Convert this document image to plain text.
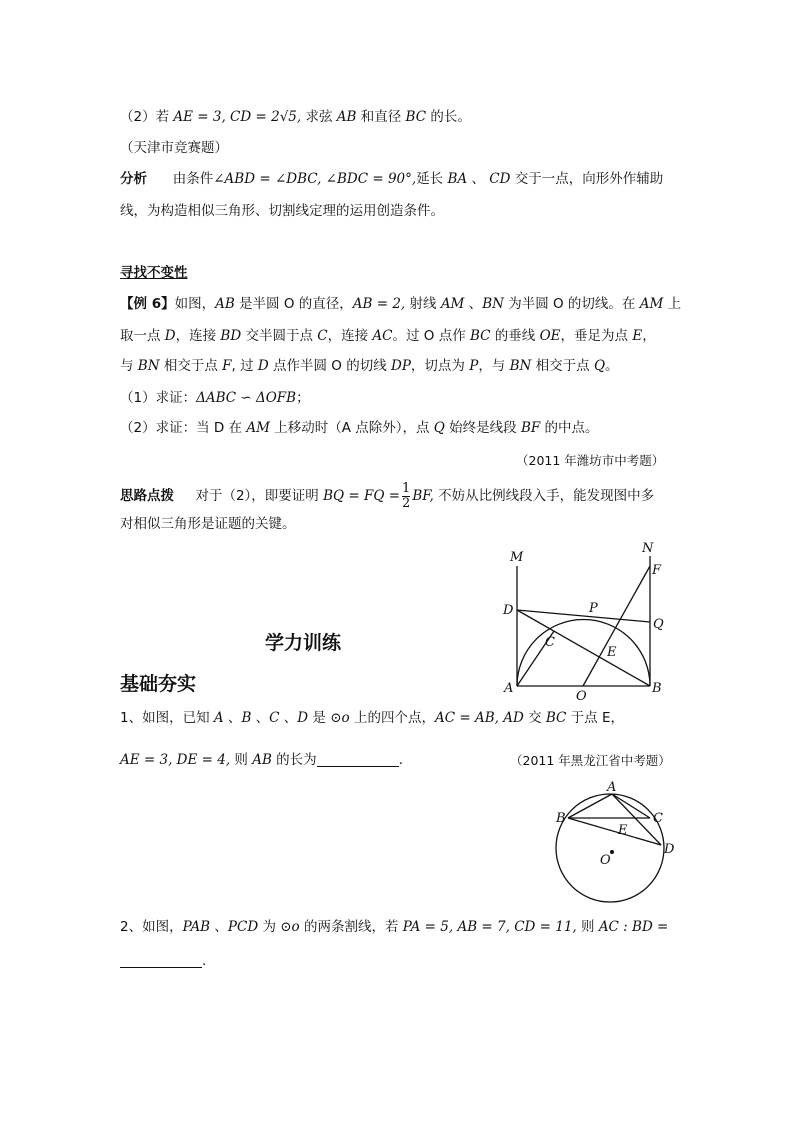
（2）若 AE = 3, CD = 2√5, 求弦 AB 和直径 BC 的长。
（天津市竞赛题）
分析 由条件∠ABD = ∠DBC, ∠BDC = 90°,延长 BA 、 CD 交于一点，向形外作辅助
线，为构造相似三角形、切割线定理的运用创造条件。
寻找不变性
【例 6】如图，AB 是半圆 O 的直径，AB = 2, 射线 AM 、BN 为半圆 O 的切线。在 AM 上
取一点 D，连接 BD 交半圆于点 C，连接 AC。过 O 点作 BC 的垂线 OE，垂足为点 E，
与 BN 相交于点 F, 过 D 点作半圆 O 的切线 DP，切点为 P，与 BN 相交于点 Q。
（1）求证：ΔABC ∽ ΔOFB；
（2）求证：当 D 在 AM 上移动时（A 点除外），点 Q 始终是线段 BF 的中点。
（2011 年潍坊市中考题）
思路点拨 对于（2），即要证明 BQ = FQ = $\frac{1}{2}$ BF, 不妨从比例线段入手，能发现图中多
对相似三角形是证题的关键。
M
N
F
D	P
Q
C
E
A
O
B
学力训练
基础夯实
1、如图，已知 A 、B 、C 、D 是 ⊙o 上的四个点，AC = AB, AD 交 BC 于点 E，
AE = 3, DE = 4, 则 AB 的长为	.	（2011 年黑龙江省中考题）
A
B	C
E
D
O
2、如图，PAB 、PCD 为 ⊙o 的两条割线，若 PA = 5, AB = 7, CD = 11, 则 AC : BD =
.
